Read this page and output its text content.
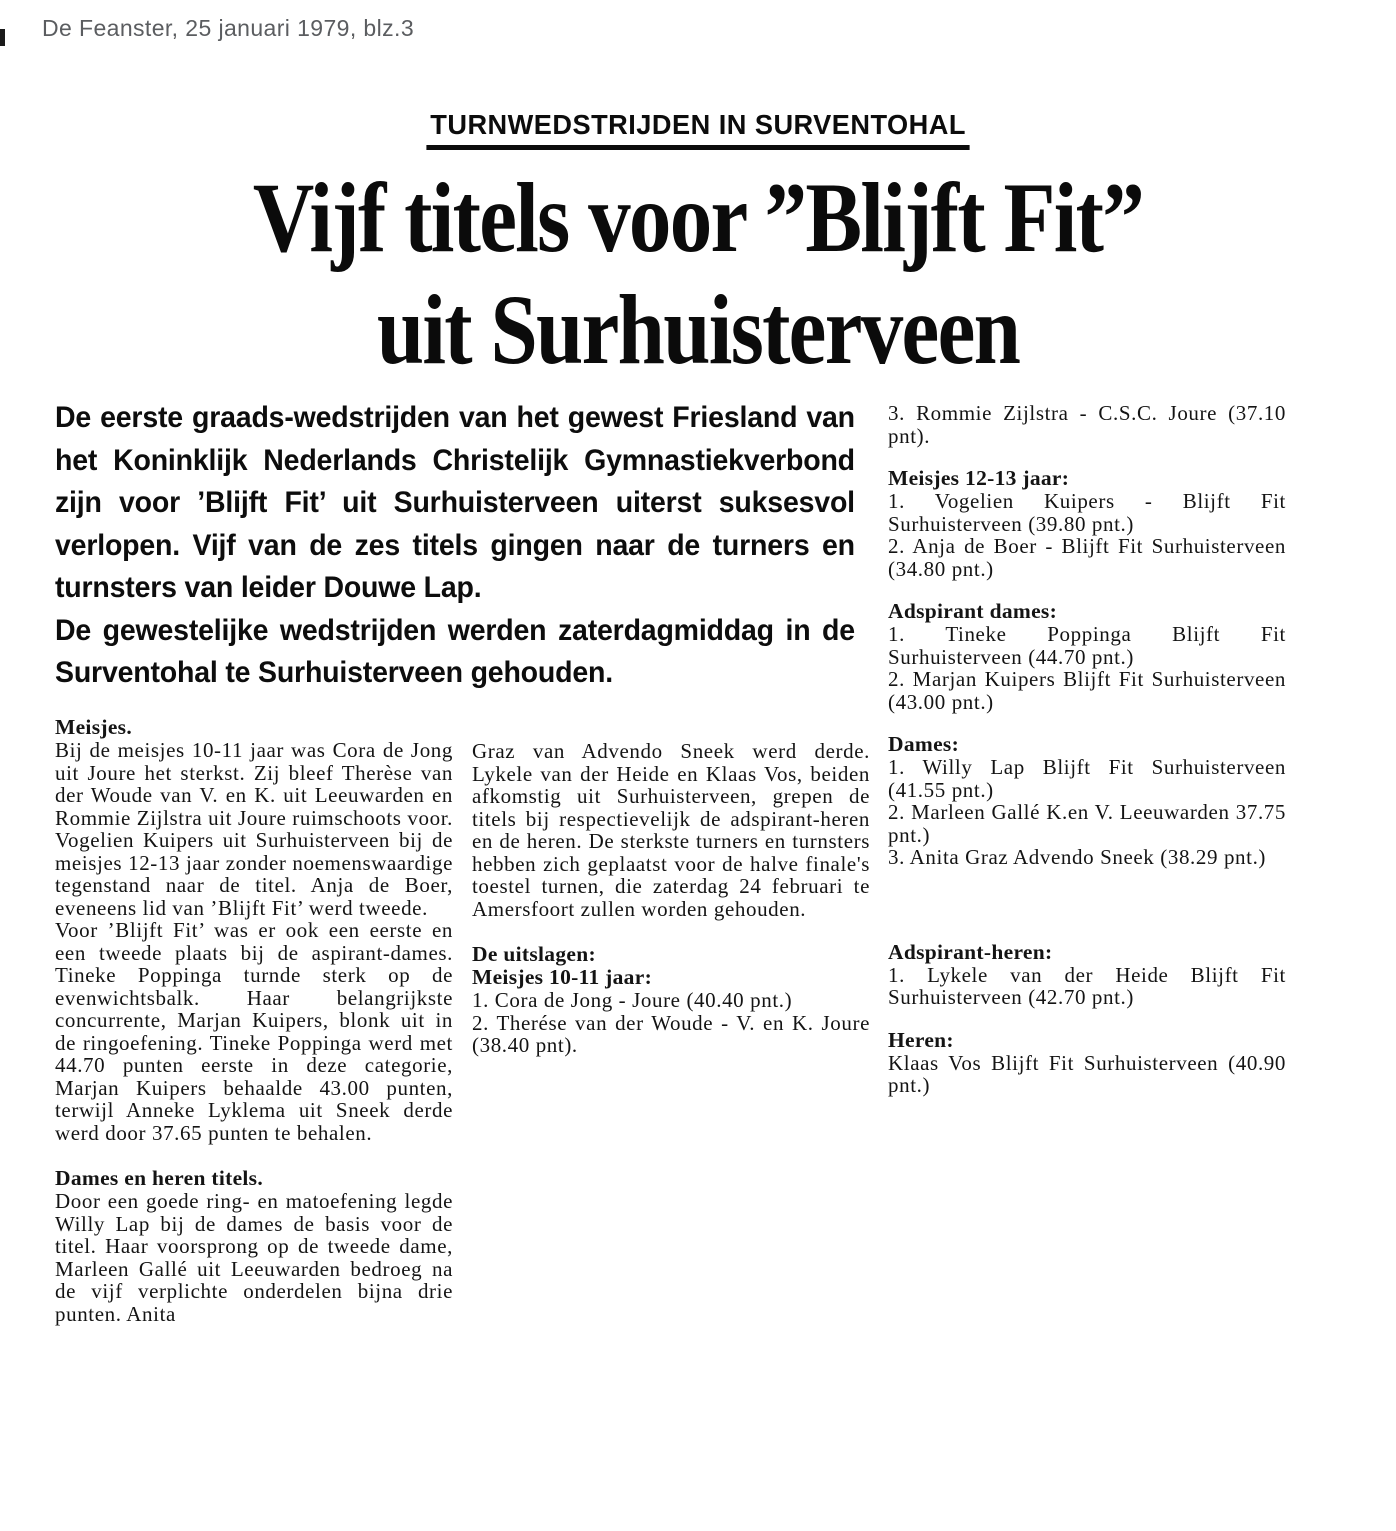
De Feanster, 25 januari 1979, blz.3
TURNWEDSTRIJDEN IN SURVENTOHAL
Vijf titels voor ”Blijft Fit”
uit Surhuisterveen

De eerste graads-wedstrijden van het gewest Friesland van het Koninklijk Nederlands Christelijk Gymnastiekverbond zijn voor ’Blijft Fit’ uit Surhuisterveen uiterst suksesvol verlopen. Vijf van de zes titels gingen naar de turners en turnsters van leider Douwe Lap.

De gewestelijke wedstrijden werden zaterdagmiddag in de Surventohal te Surhuisterveen gehouden.

Meisjes.

Bij de meisjes 10-11 jaar was Cora de Jong uit Joure het sterkst. Zij bleef Therèse van der Woude van V. en K. uit Leeuwarden en Rommie Zijlstra uit Joure ruimschoots voor. Vogelien Kuipers uit Surhuisterveen bij de meisjes 12-13 jaar zonder noemenswaardige tegenstand naar de titel. Anja de Boer, eveneens lid van ’Blijft Fit’ werd tweede.

Voor ’Blijft Fit’ was er ook een eerste en een tweede plaats bij de aspirant-dames. Tineke Poppinga turnde sterk op de evenwichtsbalk. Haar belangrijkste concurrente, Marjan Kuipers, blonk uit in de ringoefening. Tineke Poppinga werd met 44.70 punten eerste in deze categorie, Marjan Kuipers behaalde 43.00 punten, terwijl Anneke Lyklema uit Sneek derde werd door 37.65 punten te behalen.

Dames en heren titels.

Door een goede ring- en matoefening legde Willy Lap bij de dames de basis voor de titel. Haar voorsprong op de tweede dame, Marleen Gallé uit Leeuwarden bedroeg na de vijf verplichte onderdelen bijna drie punten. Anita

Graz van Advendo Sneek werd derde. Lykele van der Heide en Klaas Vos, beiden afkomstig uit Surhuisterveen, grepen de titels bij respectievelijk de adspirant-heren en de heren. De sterkste turners en turnsters hebben zich geplaatst voor de halve finale's toestel turnen, die zaterdag 24 februari te Amersfoort zullen worden gehouden.

De uitslagen:
Meisjes 10-11 jaar:

1. Cora de Jong - Joure (40.40 pnt.)

2. Therése van der Woude - V. en K. Joure (38.40 pnt).

3. Rommie Zijlstra - C.S.C. Joure (37.10 pnt).

Meisjes 12-13 jaar:

1. Vogelien Kuipers - Blijft Fit Surhuisterveen (39.80 pnt.)

2. Anja de Boer - Blijft Fit Surhuisterveen (34.80 pnt.)

Adspirant dames:

1. Tineke Poppinga Blijft Fit Surhuisterveen (44.70 pnt.)

2. Marjan Kuipers Blijft Fit Surhuisterveen (43.00 pnt.)

Dames:

1. Willy Lap Blijft Fit Surhuisterveen (41.55 pnt.)

2. Marleen Gallé K.en V. Leeuwarden 37.75 pnt.)

3. Anita Graz Advendo Sneek (38.29 pnt.)

Adspirant-heren:

1. Lykele van der Heide Blijft Fit Surhuisterveen (42.70 pnt.)

Heren:

Klaas Vos Blijft Fit Surhuisterveen (40.90 pnt.)
